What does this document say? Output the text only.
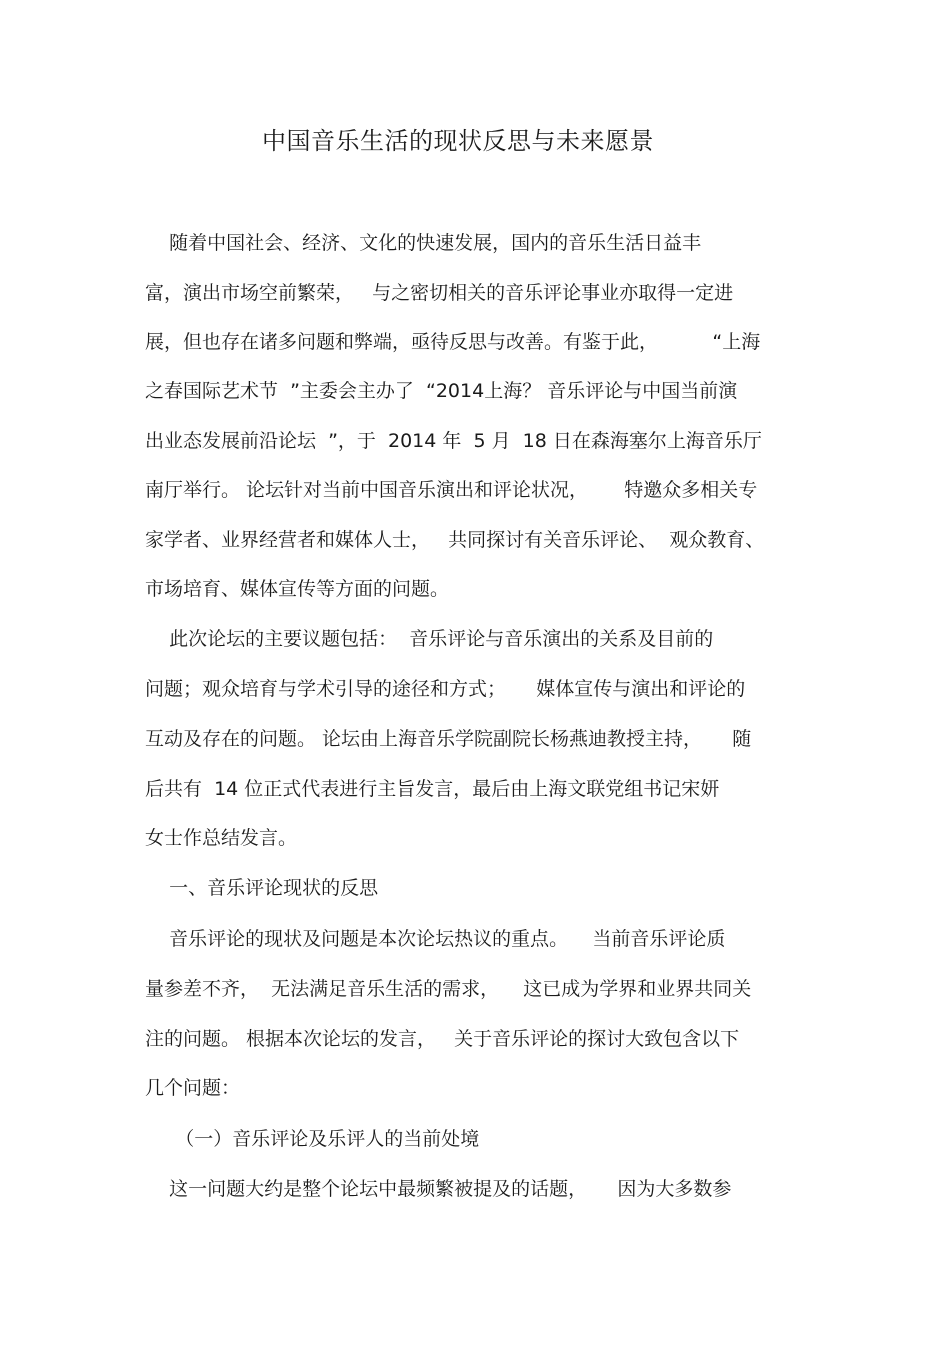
中国音乐生活的现状反思与未来愿景
随着中国社会、经济、文化的快速发展，国内的音乐生活日益丰
富，演出市场空前繁荣，   与之密切相关的音乐评论事业亦取得一定进
展，但也存在诸多问题和弊端，亟待反思与改善。有鉴于此，         “上海
之春国际艺术节  ”主委会主办了  “2014上海？ 音乐评论与中国当前演
出业态发展前沿论坛  ”，于  2014 年  5 月  18 日在森海塞尔上海音乐厅
南厅举行。 论坛针对当前中国音乐演出和评论状况，      特邀众多相关专
家学者、业界经营者和媒体人士，   共同探讨有关音乐评论、  观众教育、
市场培育、媒体宣传等方面的问题。
此次论坛的主要议题包括：  音乐评论与音乐演出的关系及目前的
问题；观众培育与学术引导的途径和方式；     媒体宣传与演出和评论的
互动及存在的问题。 论坛由上海音乐学院副院长杨燕迪教授主持，     随
后共有  14 位正式代表进行主旨发言，最后由上海文联党组书记宋妍
女士作总结发言。
一、音乐评论现状的反思
音乐评论的现状及问题是本次论坛热议的重点。    当前音乐评论质
量参差不齐，  无法满足音乐生活的需求，    这已成为学界和业界共同关
注的问题。 根据本次论坛的发言，   关于音乐评论的探讨大致包含以下
几个问题：
（一）音乐评论及乐评人的当前处境
这一问题大约是整个论坛中最频繁被提及的话题，     因为大多数参
